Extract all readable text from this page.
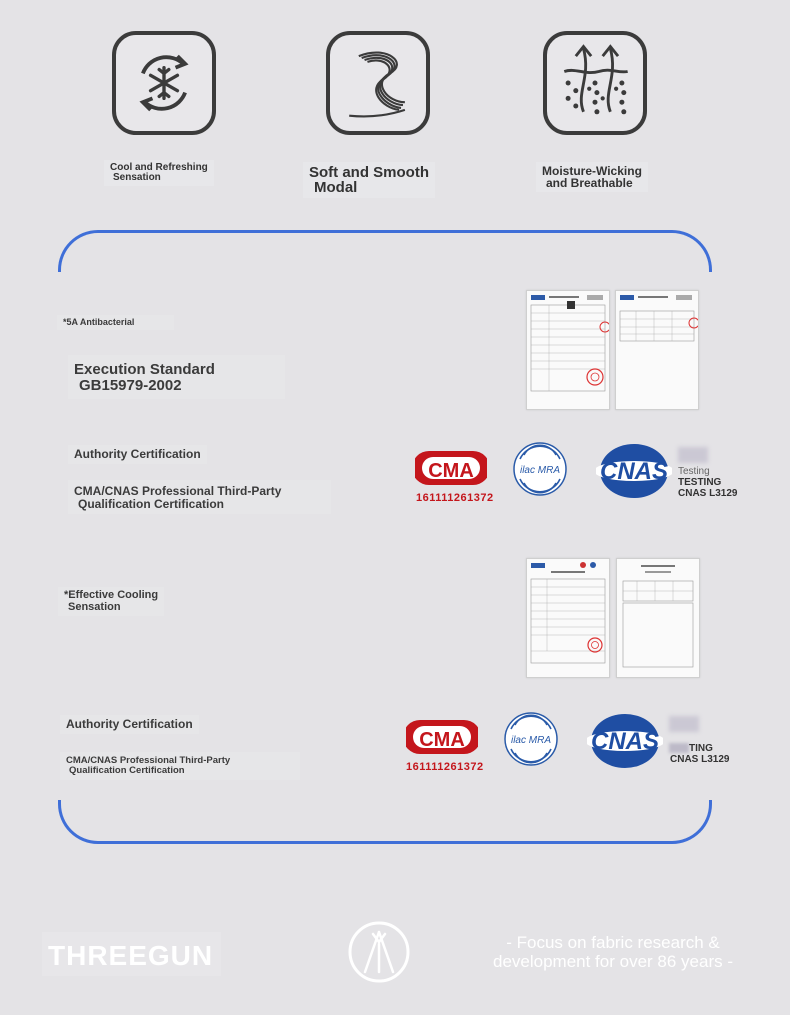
Cool and Refreshing
Sensation	Soft and Smooth
Modal
Moisture-Wicking
and Breathable
*5A Antibacterial
Execution Standard
GB15979-2002
Authority Certification
CMA/CNAS Professional Third-Party
Qualification Certification
CMA
161111261372
ilac MRA CNAS Testing
TESTING
CNAS L3129
*Effective Cooling
Sensation
Authority Certification
CMA/CNAS Professional Third-Party
Qualification Certification
CMA
161111261372
ilac MRA CNAS	TING
CNAS L3129
THREEGUN	- Focus on fabric research &
development for over 86 years -
